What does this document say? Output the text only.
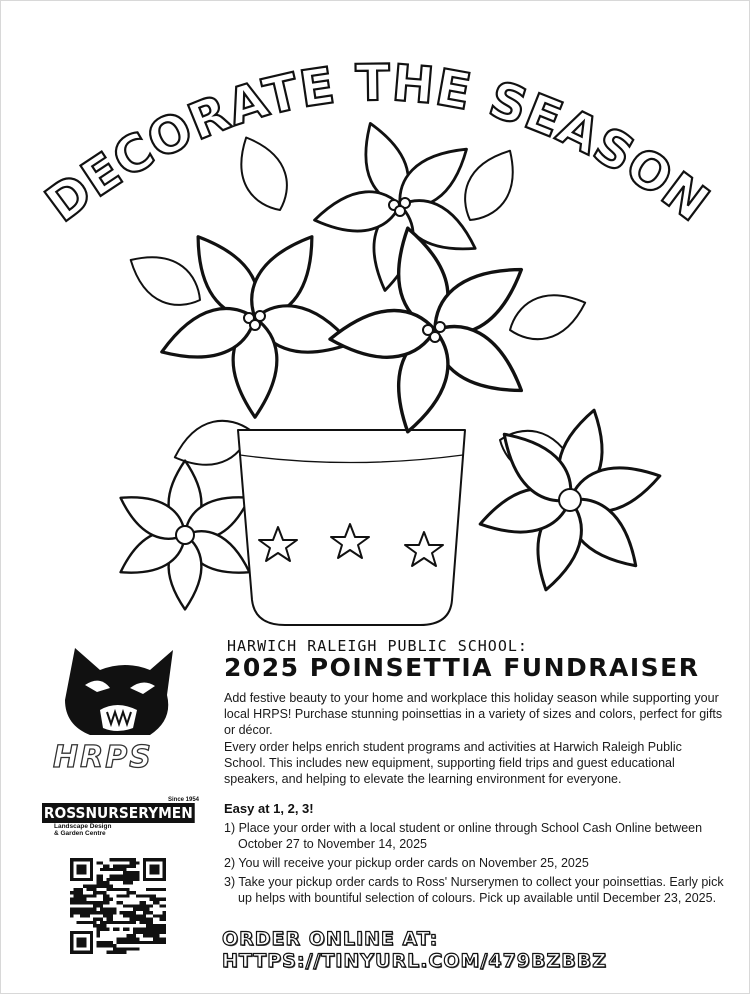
DECORATE THE SEASON
HARWICH RALEIGH PUBLIC SCHOOL:
2025 POINSETTIA FUNDRAISER
Add festive beauty to your home and workplace this holiday season while supporting your local HRPS! Purchase stunning poinsettias in a variety of sizes and colors, perfect for gifts or décor.
Every order helps enrich student programs and activities at Harwich Raleigh Public School. This includes new equipment, supporting field trips and guest educational speakers, and helping to elevate the learning environment for everyone.
Easy at 1, 2, 3!
1) Place your order with a local student or online through School Cash Online between October 27 to November 14, 2025
2) You will receive your pickup order cards on November 25, 2025
3) Take your pickup order cards to Ross' Nurserymen to collect your poinsettias. Early pick up helps with bountiful selection of colours. Pick up available until December 23, 2025.
ORDER ONLINE AT: HTTPS://TINYURL.COM/479BZBBZ
HRPS
Since 1954
ROSSNURSERYMEN
Landscape Design & Garden Centre
